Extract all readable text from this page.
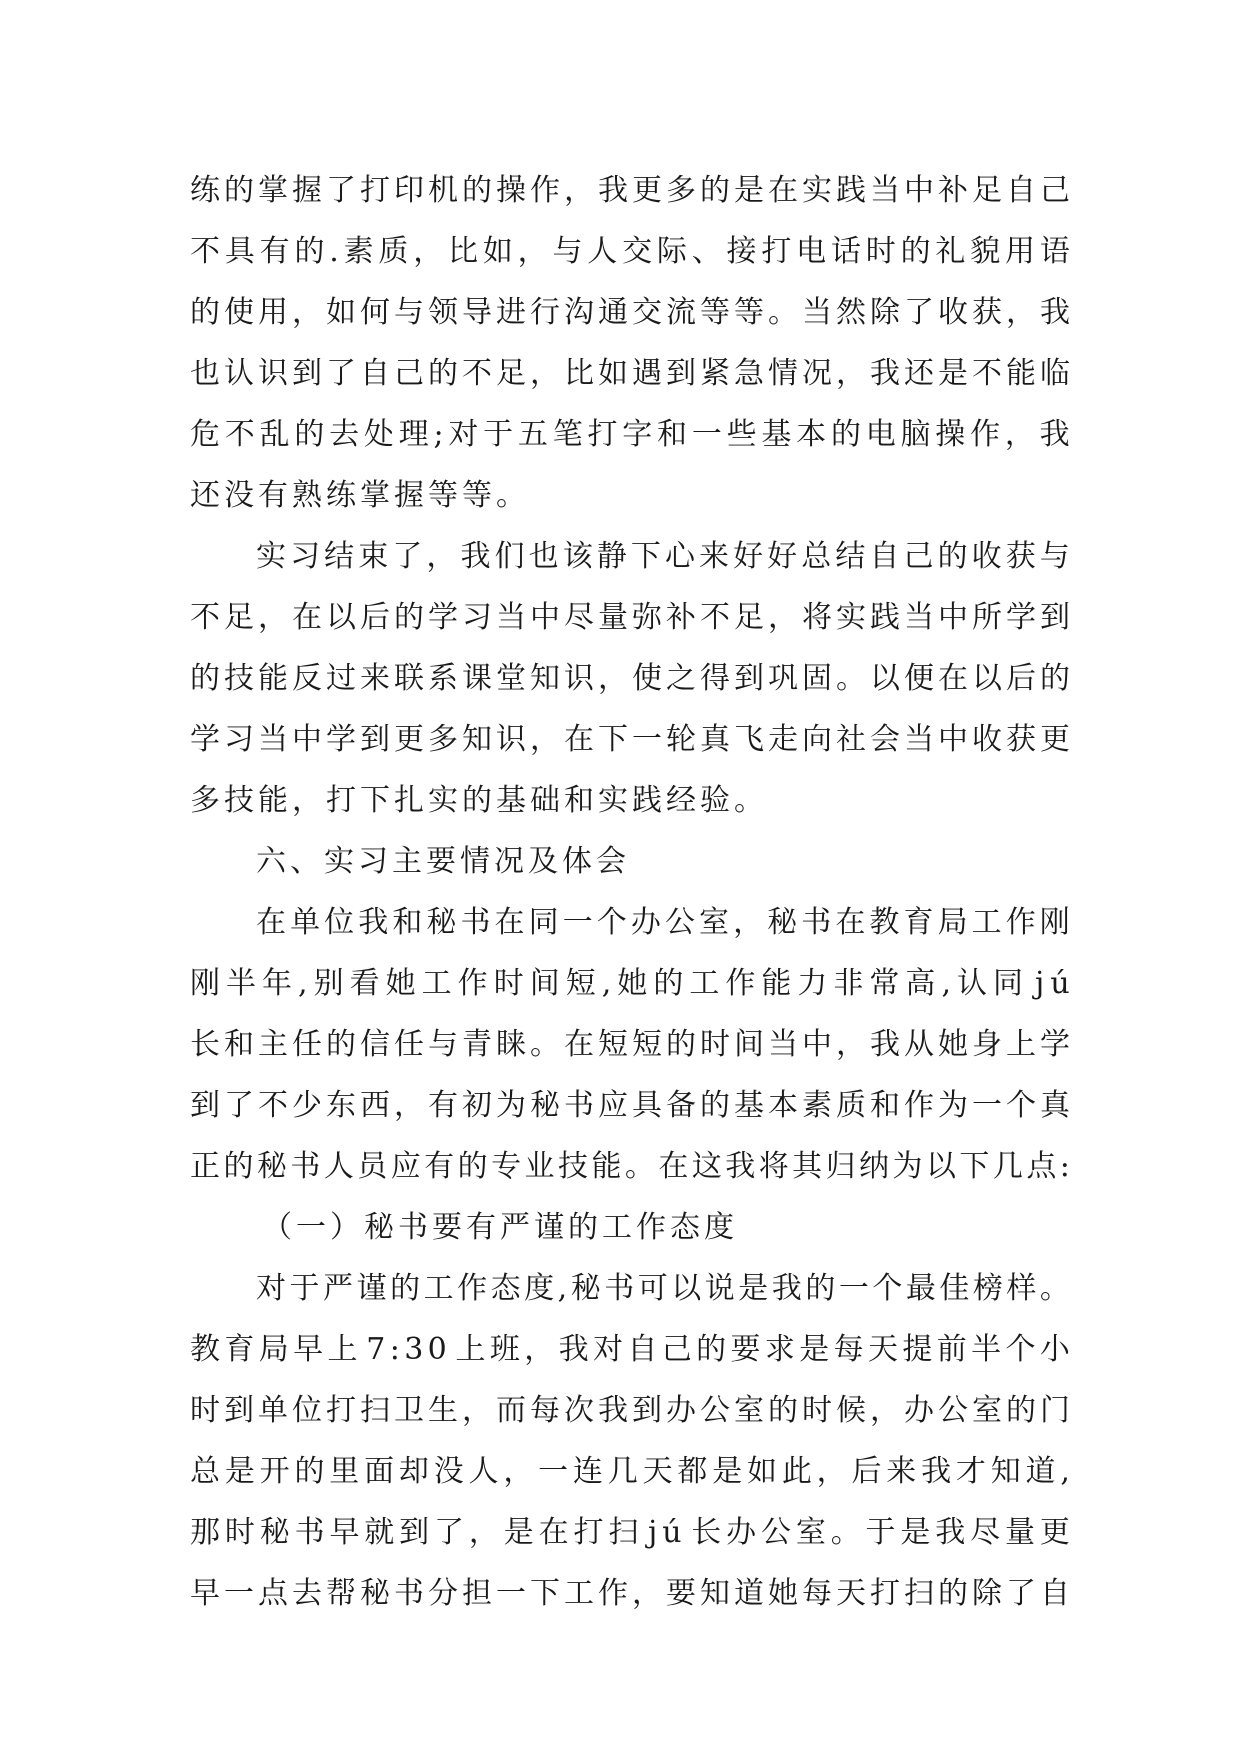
练 的 掌 握 了 打 印 机 的 操 作 ， 我 更 多 的 是 在 实 践 当 中 补 足 自 己

不 具 有 的 . 素 质 ， 比 如 ， 与 人 交 际 、 接 打 电 话 时 的 礼 貌 用 语

的 使 用 ， 如 何 与 领 导 进 行 沟 通 交 流 等 等 。 当 然 除 了 收 获 ， 我

也 认 识 到 了 自 己 的 不 足 ， 比 如 遇 到 紧 急 情 况 ， 我 还 是 不 能 临

危 不 乱 的 去 处 理 ; 对 于 五 笔 打 字 和 一 些 基 本 的 电 脑 操 作 ， 我

还没有熟练掌握等等。

实 习 结 束 了 ， 我 们 也 该 静 下 心 来 好 好 总 结 自 己 的 收 获 与

不 足 ， 在 以 后 的 学 习 当 中 尽 量 弥 补 不 足 ， 将 实 践 当 中 所 学 到

的 技 能 反 过 来 联 系 课 堂 知 识 ， 使 之 得 到 巩 固 。 以 便 在 以 后 的

学 习 当 中 学 到 更 多 知 识 ， 在 下 一 轮 真 飞 走 向 社 会 当 中 收 获 更

多技能，打下扎实的基础和实践经验。

六、实习主要情况及体会

在 单 位 我 和 秘 书 在 同 一 个 办 公 室 ， 秘 书 在 教 育 局 工 作 刚

刚 半 年 , 别 看 她 工 作 时 间 短 , 她 的 工 作 能 力 非 常 高 , 认 同 j ú

长 和 主 任 的 信 任 与 青 睐 。 在 短 短 的 时 间 当 中 ， 我 从 她 身 上 学

到 了 不 少 东 西 ， 有 初 为 秘 书 应 具 备 的 基 本 素 质 和 作 为 一 个 真

正 的 秘 书 人 员 应 有 的 专 业 技 能 。 在 这 我 将 其 归 纳 为 以 下 几 点 :

（一）秘书要有严谨的工作态度

对 于 严 谨 的 工 作 态 度 , 秘 书 可 以 说 是 我 的 一 个 最 佳 榜 样 。

教 育 局 早 上 7 : 3 0 上 班 ， 我 对 自 己 的 要 求 是 每 天 提 前 半 个 小

时 到 单 位 打 扫 卫 生 ， 而 每 次 我 到 办 公 室 的 时 候 ， 办 公 室 的 门

总 是 开 的 里 面 却 没 人 ， 一 连 几 天 都 是 如 此 ， 后 来 我 才 知 道 ,

那 时 秘 书 早 就 到 了 ， 是 在 打 扫 j ú 长 办 公 室 。 于 是 我 尽 量 更

早 一 点 去 帮 秘 书 分 担 一 下 工 作 ， 要 知 道 她 每 天 打 扫 的 除 了 自
